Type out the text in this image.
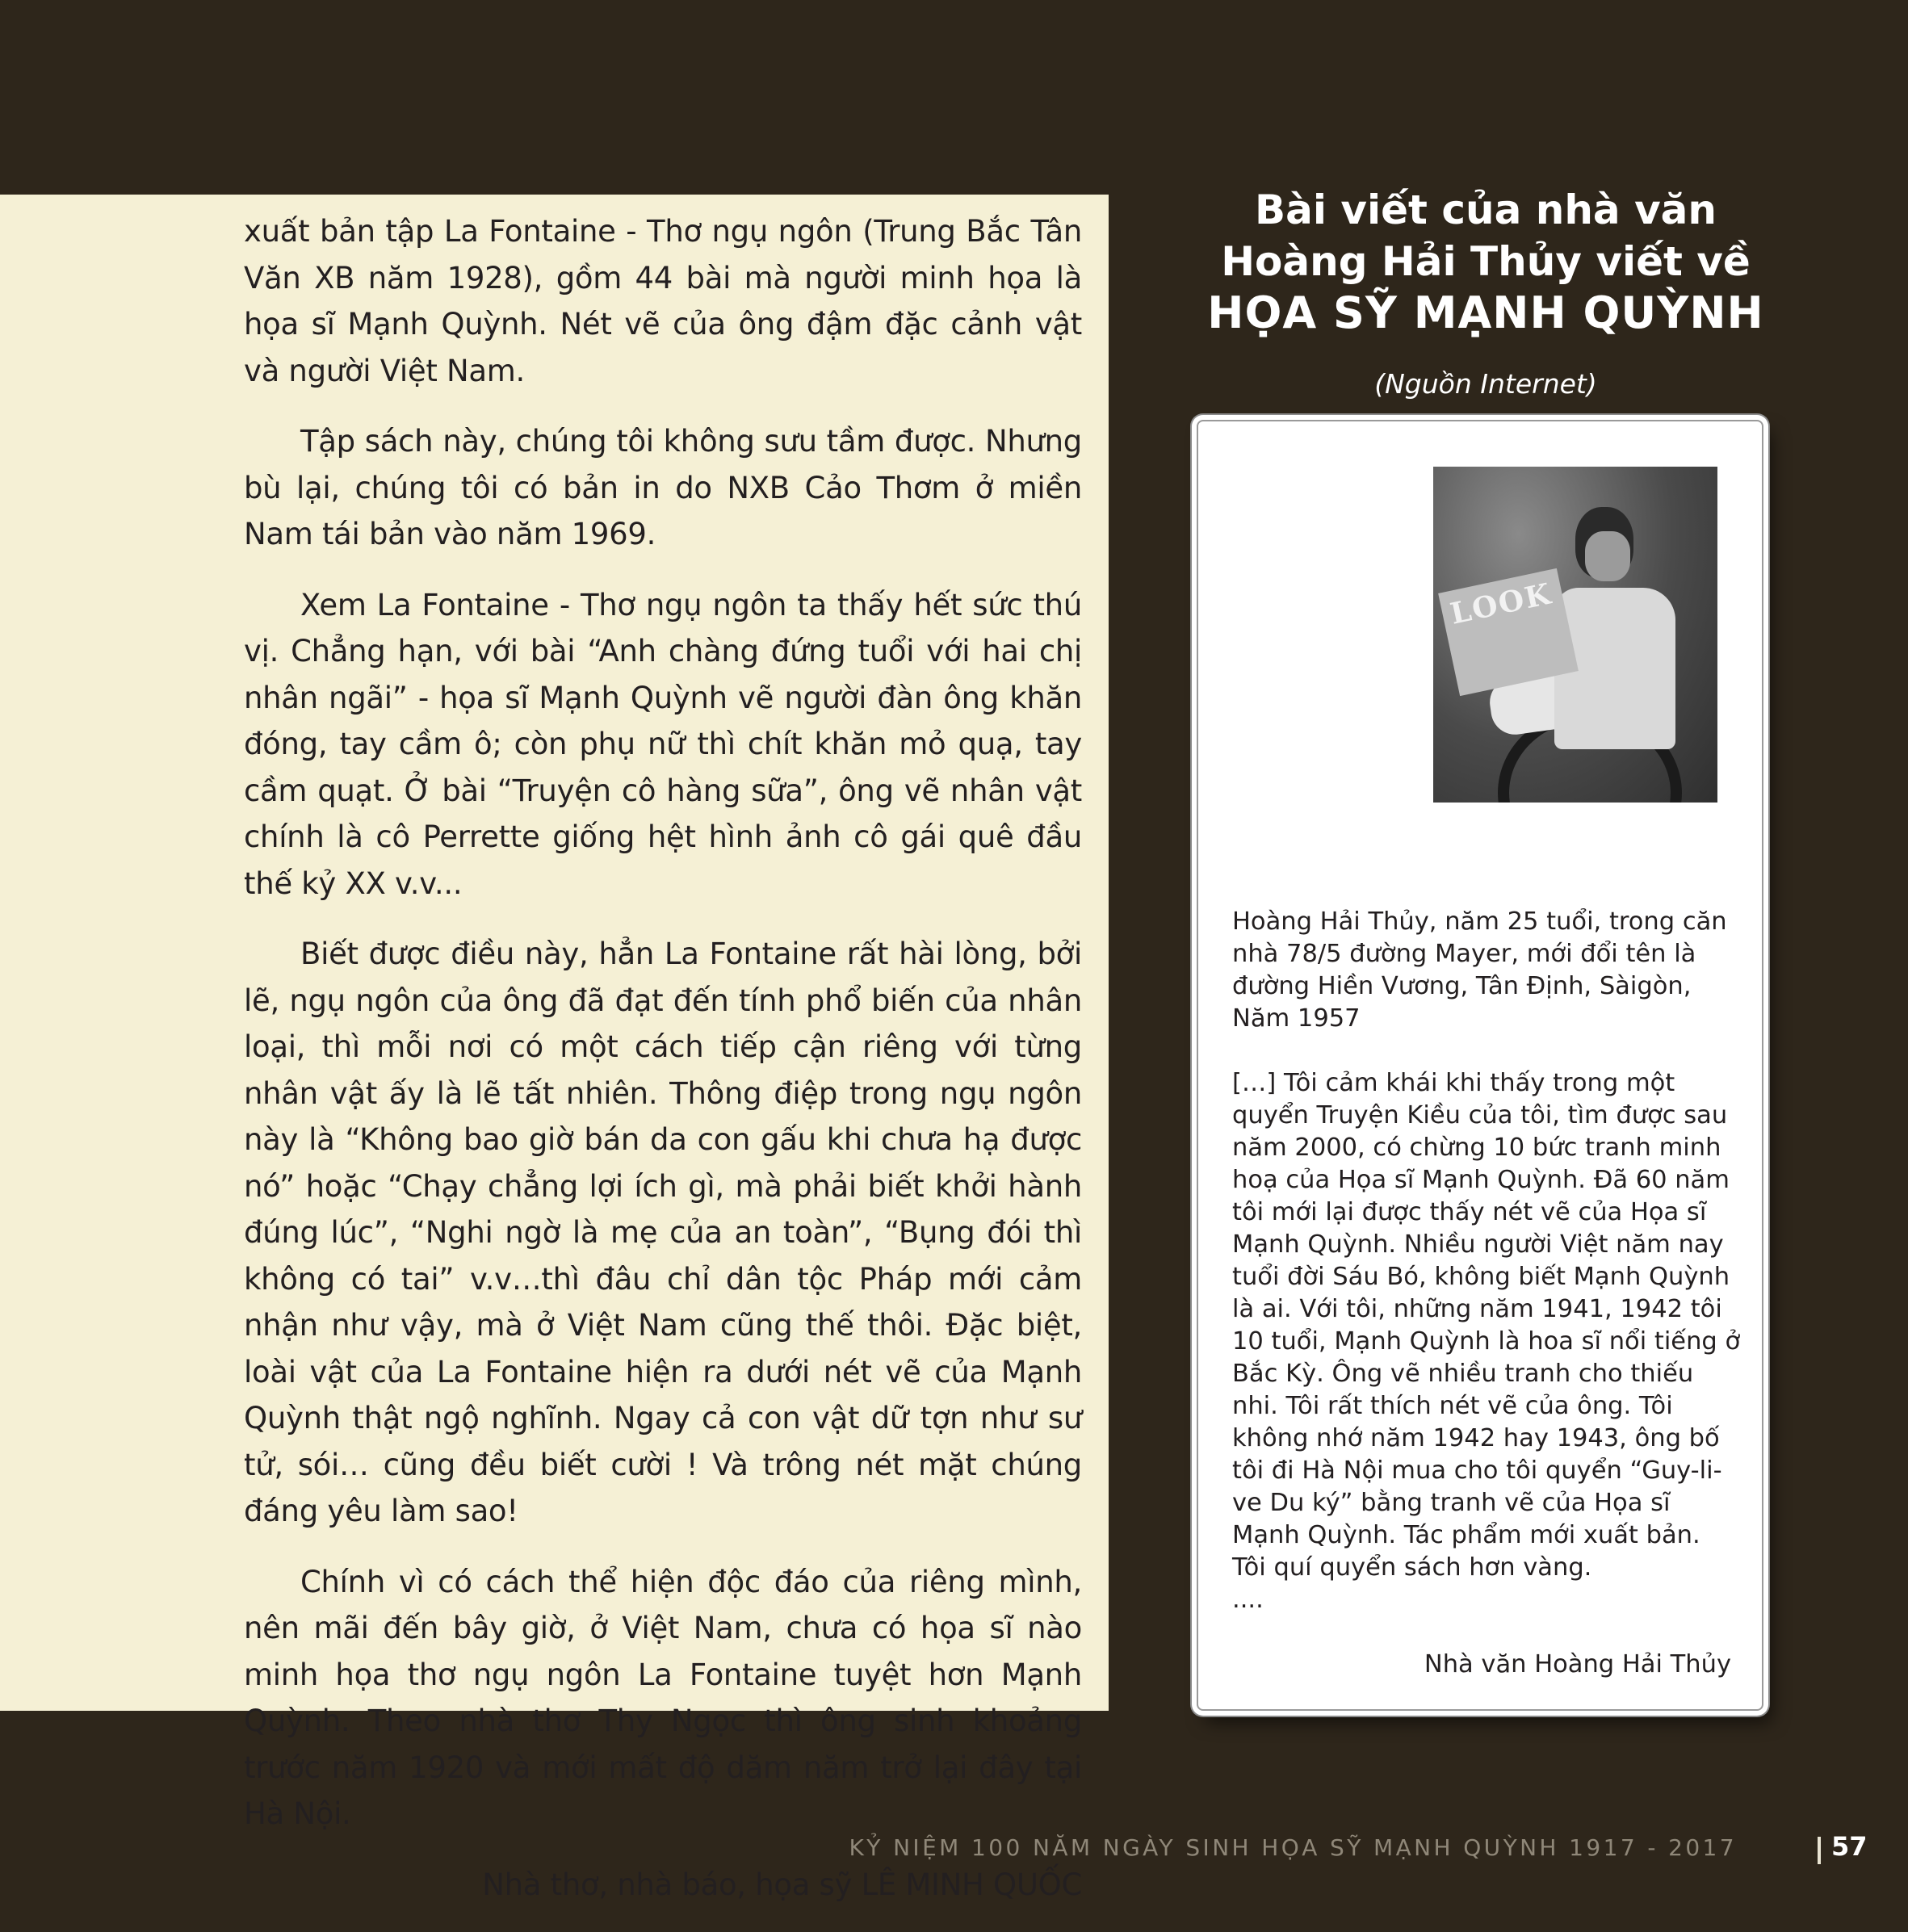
xuất bản tập La Fontaine - Thơ ngụ ngôn (Trung Bắc Tân Văn XB năm 1928), gồm 44 bài mà người minh họa là họa sĩ Mạnh Quỳnh. Nét vẽ của ông đậm đặc cảnh vật và người Việt Nam.

Tập sách này, chúng tôi không sưu tầm được. Nhưng bù lại, chúng tôi có bản in do NXB Cảo Thơm ở miền Nam tái bản vào năm 1969.

Xem La Fontaine - Thơ ngụ ngôn ta thấy hết sức thú vị. Chẳng hạn, với bài “Anh chàng đứng tuổi với hai chị nhân ngãi” - họa sĩ Mạnh Quỳnh vẽ người đàn ông khăn đóng, tay cầm ô; còn phụ nữ thì chít khăn mỏ quạ, tay cầm quạt. Ở bài “Truyện cô hàng sữa”, ông vẽ nhân vật chính là cô Perrette giống hệt hình ảnh cô gái quê đầu thế kỷ XX v.v...

Biết được điều này, hẳn La Fontaine rất hài lòng, bởi lẽ, ngụ ngôn của ông đã đạt đến tính phổ biến của nhân loại, thì mỗi nơi có một cách tiếp cận riêng với từng nhân vật ấy là lẽ tất nhiên. Thông điệp trong ngụ ngôn này là “Không bao giờ bán da con gấu khi chưa hạ được nó” hoặc “Chạy chẳng lợi ích gì, mà phải biết khởi hành đúng lúc”, “Nghi ngờ là mẹ của an toàn”, “Bụng đói thì không có tai” v.v…thì đâu chỉ dân tộc Pháp mới cảm nhận như vậy, mà ở Việt Nam cũng thế thôi. Đặc biệt, loài vật của La Fontaine hiện ra dưới nét vẽ của Mạnh Quỳnh thật ngộ nghĩnh. Ngay cả con vật dữ tợn như sư tử, sói… cũng đều biết cười ! Và trông nét mặt chúng đáng yêu làm sao!

Chính vì có cách thể hiện độc đáo của riêng mình, nên mãi đến bây giờ, ở Việt Nam, chưa có họa sĩ nào minh họa thơ ngụ ngôn La Fontaine tuyệt hơn Mạnh Quỳnh. Theo nhà thơ Thy Ngọc thì ông sinh khoảng trước năm 1920 và mới mất độ dăm năm trở lại đây tại Hà Nội.

Nhà thơ, nhà báo, họa sỹ LÊ MINH QUỐC

Bài viết của nhà văn
Hoàng Hải Thủy viết về
HỌA SỸ MẠNH QUỲNH
(Nguồn Internet)
LOOK

Hoàng Hải Thủy, năm 25 tuổi, trong căn nhà 78/5 đường Mayer, mới đổi tên là đường Hiền Vương, Tân Định, Sàigòn, Năm 1957

[…] Tôi cảm khái khi thấy trong một quyển Truyện Kiều của tôi, tìm được sau năm 2000, có chừng 10 bức tranh minh hoạ của Họa sĩ Mạnh Quỳnh. Đã 60 năm tôi mới lại được thấy nét vẽ của Họa sĩ Mạnh Quỳnh. Nhiều người Việt năm nay tuổi đời Sáu Bó, không biết Mạnh Quỳnh là ai. Với tôi, những năm 1941, 1942 tôi 10 tuổi, Mạnh Quỳnh là hoa sĩ nổi tiếng ở Bắc Kỳ. Ông vẽ nhiều tranh cho thiếu nhi. Tôi rất thích nét vẽ của ông. Tôi không nhớ năm 1942 hay 1943, ông bố tôi đi Hà Nội mua cho tôi quyển “Guy-li-ve Du ký” bằng tranh vẽ của Họa sĩ Mạnh Quỳnh. Tác phẩm mới xuất bản. Tôi quí quyển sách hơn vàng.

....

Nhà văn Hoàng Hải Thủy
KỶ NIỆM 100 NĂM NGÀY SINH HỌA SỸ MẠNH QUỲNH 1917 - 2017	57
